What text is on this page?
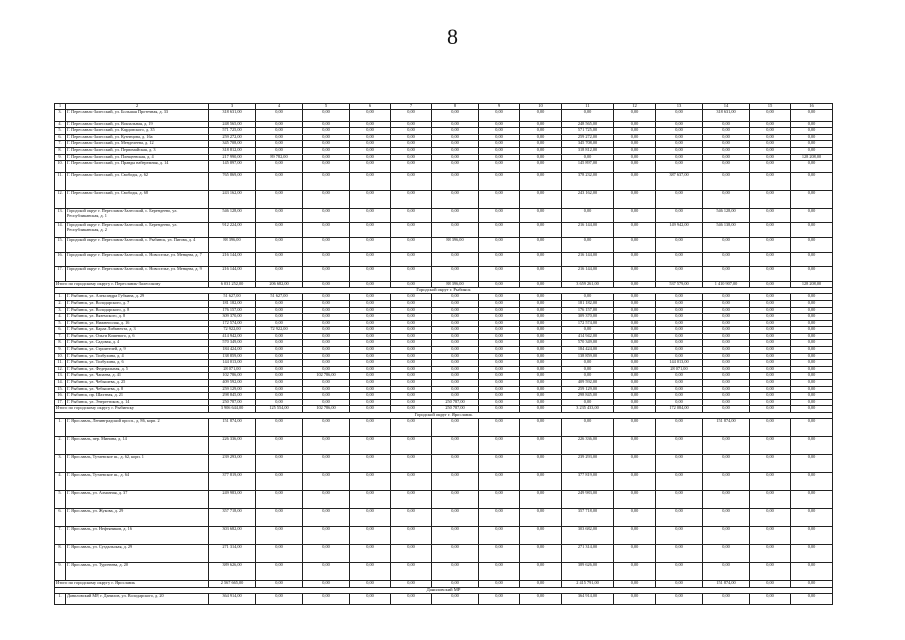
8
1	2	3	4	5	6	7	8	9	10	11	12	13	14	15	16
3.	Г. Переславль-Залесский, ул. Большая Протечная, д. 33	318 631,00	0,00	0,00	0,00	0,00	0,00	0,00	0,00	0,00	0,00	0,00	318 631,00	0,00	0,00
4.	Г. Переславль-Залесский, ул. Вокзальная, д. 19	248 565,00	0,00	0,00	0,00	0,00	0,00	0,00	0,00	248 565,00	0,00	0,00	0,00	0,00	0,00
5.	Г. Переславль-Залесский, ул. Кардовского, д. 35	571 725,00	0,00	0,00	0,00	0,00	0,00	0,00	0,00	571 725,00	0,00	0,00	0,00	0,00	0,00
6.	Г. Переславль-Залесский, ул. Кузнецова, д. 16а	259 272,00	0,00	0,00	0,00	0,00	0,00	0,00	0,00	259 272,00	0,00	0,00	0,00	0,00	0,00
7.	Г. Переславль-Залесский, ул. Менделеева, д. 12	345 708,00	0,00	0,00	0,00	0,00	0,00	0,00	0,00	345 708,00	0,00	0,00	0,00	0,00	0,00
8.	Г. Переславль-Залесский, ул. Первомайская, д. 3	318 812,00	0,00	0,00	0,00	0,00	0,00	0,00	0,00	318 812,00	0,00	0,00	0,00	0,00	0,00
9.	Г. Переславль-Залесский, ул. Плещеевская, д. 4	217 990,00	89 782,00	0,00	0,00	0,00	0,00	0,00	0,00	0,00	0,00	0,00	0,00	0,00	128 208,00
10.	Г. Переславль-Залесский, ул. Правды набережная, д. 14	145 897,00	0,00	0,00	0,00	0,00	0,00	0,00	0,00	145 897,00	0,00	0,00	0,00	0,00	0,00
11.	Г. Переславль-Залесский, ул. Свободы, д. 62	765 869,00	0,00	0,00	0,00	0,00	0,00	0,00	0,00	378 232,00	0,00	387 637,00	0,00	0,00	0,00
12.	Г. Переславль-Залесский, ул. Свободы, д. 68	243 162,00	0,00	0,00	0,00	0,00	0,00	0,00	0,00	243 162,00	0,00	0,00	0,00	0,00	0,00
13.	Городской округ г. Переславль-Залесский, с. Берендеево, ул. Республиканская, д. 1	546 128,00	0,00	0,00	0,00	0,00	0,00	0,00	0,00	0,00	0,00	0,00	546 128,00	0,00	0,00
14.	Городской округ г. Переславль-Залесский, с. Берендеево, ул. Республиканская, д. 2	912 224,00	0,00	0,00	0,00	0,00	0,00	0,00	0,00	216 144,00	0,00	149 942,00	546 138,00	0,00	0,00
15.	Городской округ г. Переславль-Залесский, с. Рыбинск, ул. Пятова, д. 4	88 396,00	0,00	0,00	0,00	0,00	88 396,00	0,00	0,00	0,00	0,00	0,00	0,00	0,00	0,00
16.	Городской округ г. Переславль-Залесский, с. Новоселье, ул. Менцева, д. 7	216 144,00	0,00	0,00	0,00	0,00	0,00	0,00	0,00	216 144,00	0,00	0,00	0,00	0,00	0,00
17.	Городской округ г. Переславль-Залесский, с. Новоселье, ул. Менцева, д. 9	216 144,00	0,00	0,00	0,00	0,00	0,00	0,00	0,00	216 144,00	0,00	0,00	0,00	0,00	0,00
Итого по городскому округу г. Переславль-Залесскому		6 031 252,00	206 682,00	0,00	0,00	0,00	88 396,00	0,00	0,00	3 659 261,00	0,00	537 579,00	1 410 907,00	0,00	128 208,00
Городской округ г. Рыбинск															
1.	Г. Рыбинск, ул. Александра Губкина, д. 29	51 627,00	51 627,00	0,00	0,00	0,00	0,00	0,00	0,00	0,00	0,00	0,00	0,00	0,00	0,00
2.	Г. Рыбинск, ул. Володарского, д. 7	181 182,00	0,00	0,00	0,00	0,00	0,00	0,00	0,00	181 182,00	0,00	0,00	0,00	0,00	0,00
3.	Г. Рыбинск, ул. Володарского, д. 8	176 157,00	0,00	0,00	0,00	0,00	0,00	0,00	0,00	176 157,00	0,00	0,00	0,00	0,00	0,00
4.	Г. Рыбинск, ул. Вяземского, д. 8	309 370,00	0,00	0,00	0,00	0,00	0,00	0,00	0,00	309 370,00	0,00	0,00	0,00	0,00	0,00
5.	Г. Рыбинск, ул. Нижнеполая, д. 16	172 574,00	0,00	0,00	0,00	0,00	0,00	0,00	0,00	172 574,00	0,00	0,00	0,00	0,00	0,00
6.	Г. Рыбинск, ул. Карла Либкнехта, д. 3	72 922,00	72 922,00	0,00	0,00	0,00	0,00	0,00	0,00	0,00	0,00	0,00	0,00	0,00	0,00
7.	Г. Рыбинск, ул. Ольги Кошевого, д. 6	414 942,00	0,00	0,00	0,00	0,00	0,00	0,00	0,00	414 942,00	0,00	0,00	0,00	0,00	0,00
8.	Г. Рыбинск, ул. Садовая, д. 4	570 349,00	0,00	0,00	0,00	0,00	0,00	0,00	0,00	570 349,00	0,00	0,00	0,00	0,00	0,00
9.	Г. Рыбинск, ул. Строителей, д. 9	184 424,00	0,00	0,00	0,00	0,00	0,00	0,00	0,00	184 424,00	0,00	0,00	0,00	0,00	0,00
10.	Г. Рыбинск, ул. Толбухина, д. 4	138 859,00	0,00	0,00	0,00	0,00	0,00	0,00	0,00	138 859,00	0,00	0,00	0,00	0,00	0,00
11.	Г. Рыбинск, ул. Толбухина, д. 6	144 013,00	0,00	0,00	0,00	0,00	0,00	0,00	0,00	0,00	0,00	144 013,00	0,00	0,00	0,00
12.	Г. Рыбинск, ул. Федеральная, д. 5	28 071,00	0,00	0,00	0,00	0,00	0,00	0,00	0,00	0,00	0,00	28 071,00	0,00	0,00	0,00
13.	Г. Рыбинск, ул. Чапаева, д. 41	102 786,00	0,00	102 786,00	0,00	0,00	0,00	0,00	0,00	0,00	0,00	0,00	0,00	0,00	0,00
14.	Г. Рыбинск, ул. Чебышева, д. 25	409 592,00	0,00	0,00	0,00	0,00	0,00	0,00	0,00	409 592,00	0,00	0,00	0,00	0,00	0,00
15.	Г. Рыбинск, ул. Чебышева, д. 8	259 129,00	0,00	0,00	0,00	0,00	0,00	0,00	0,00	259 129,00	0,00	0,00	0,00	0,00	0,00
16.	Г. Рыбинск, пр. Шахтная, д. 21	298 845,00	0,00	0,00	0,00	0,00	0,00	0,00	0,00	298 845,00	0,00	0,00	0,00	0,00	0,00
17.	Г. Рыбинск, ул. Энергетиков, д. 14	250 787,00	0,00	0,00	0,00	0,00	250 787,00	0,00	0,00	0,00	0,00	0,00	0,00	0,00	0,00
Итого по городскому округу г. Рыбинску		3 906 644,00	125 554,00	102 786,00	0,00	0,00	250 787,00	0,00	0,00	3 235 433,00	0,00	172 084,00	0,00	0,00	0,00
Городской округ г. Ярославль															
1.	Г. Ярославль, Ленинградский просп., д. 86, корп. 2	151 874,00	0,00	0,00	0,00	0,00	0,00	0,00	0,00	0,00	0,00	0,00	151 874,00	0,00	0,00
2.	Г. Ярославль, пер. Минина, д. 14	226 336,00	0,00	0,00	0,00	0,00	0,00	0,00	0,00	226 336,00	0,00	0,00	0,00	0,00	0,00
3.	Г. Ярославль, Тутаевское ш., д. 62, корп. 1	239 293,00	0,00	0,00	0,00	0,00	0,00	0,00	0,00	239 293,00	0,00	0,00	0,00	0,00	0,00
4.	Г. Ярославль, Тутаевское ш., д. 64	377 819,00	0,00	0,00	0,00	0,00	0,00	0,00	0,00	377 819,00	0,00	0,00	0,00	0,00	0,00
5.	Г. Ярославль, ул. Алмазная, д. 37	249 983,00	0,00	0,00	0,00	0,00	0,00	0,00	0,00	249 983,00	0,00	0,00	0,00	0,00	0,00
6.	Г. Ярославль, ул. Жукова, д. 29	357 718,00	0,00	0,00	0,00	0,00	0,00	0,00	0,00	357 718,00	0,00	0,00	0,00	0,00	0,00
7.	Г. Ярославль, ул. Нефтяников, д. 16	303 682,00	0,00	0,00	0,00	0,00	0,00	0,00	0,00	303 682,00	0,00	0,00	0,00	0,00	0,00
8.	Г. Ярославль, ул. Суздальская, д. 29	271 314,00	0,00	0,00	0,00	0,00	0,00	0,00	0,00	271 314,00	0,00	0,00	0,00	0,00	0,00
9.	Г. Ярославль, ул. Тургенева, д. 20	389 626,00	0,00	0,00	0,00	0,00	0,00	0,00	0,00	389 626,00	0,00	0,00	0,00	0,00	0,00
Итого по городскому округу г. Ярославль		2 567 665,00	0,00	0,00	0,00	0,00	0,00	0,00	0,00	2 415 791,00	0,00	0,00	151 874,00	0,00	0,00
Даниловский МР															
1.	Даниловский МР, г. Данилов, ул. Володарского, д. 20	364 914,00	0,00	0,00	0,00	0,00	0,00	0,00	0,00	364 914,00	0,00	0,00	0,00	0,00	0,00
